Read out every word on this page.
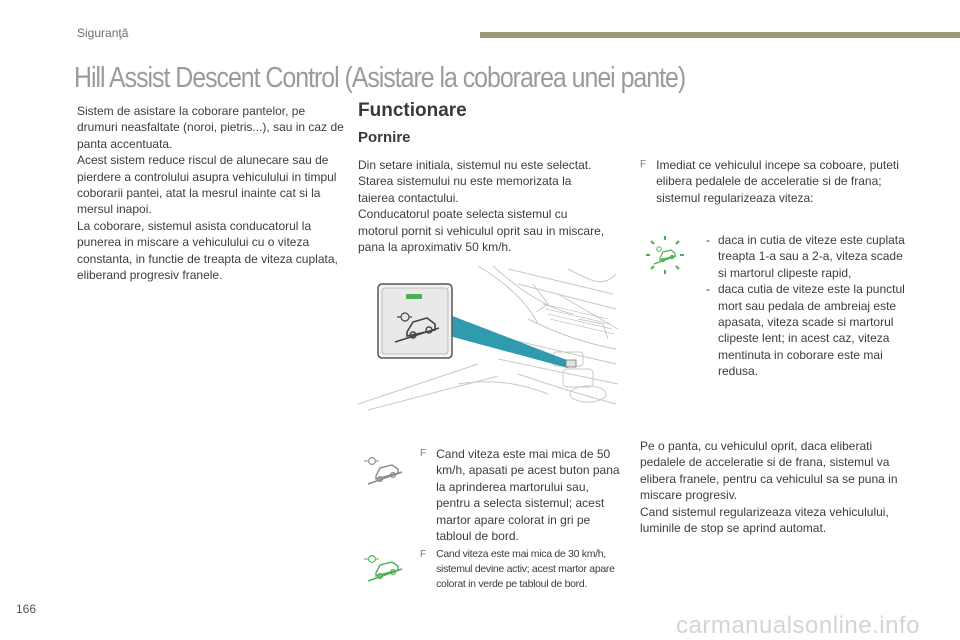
Siguranţă
Hill Assist Descent Control (Asistare la coborarea unei pante)

Sistem de asistare la coborare pantelor, pe drumuri neasfaltate (noroi, pietris...), sau in caz de panta accentuata.
Acest sistem reduce riscul de alunecare sau de pierdere a controlului asupra vehiculului in timpul coborarii pantei, atat la mesrul inainte cat si la mersul inapoi.
La coborare, sistemul asista conducatorul la punerea in miscare a vehiculului cu o viteza constanta, in functie de treapta de viteza cuplata, eliberand progresiv franele.

Functionare
Pornire

Din setare initiala, sistemul nu este selectat.
Starea sistemului nu este memorizata la taierea contactului.
Conducatorul poate selecta sistemul cu motorul pornit si vehiculul oprit sau in miscare, pana la aproximativ 50 km/h.

F Imediat ce vehiculul incepe sa coboare, puteti elibera pedalele de acceleratie si de frana; sistemul regularizeaza viteza:

- daca in cutia de viteze este cuplata treapta 1-a sau a 2-a, viteza scade si martorul clipeste rapid,

- daca cutia de viteze este la punctul mort sau pedala de ambreiaj este apasata, viteza scade si martorul clipeste lent; in acest caz, viteza mentinuta in coborare este mai redusa.

Pe o panta, cu vehiculul oprit, daca eliberati pedalele de acceleratie si de frana, sistemul va elibera franele, pentru ca vehiculul sa se puna in miscare progresiv.
Cand sistemul regularizeaza viteza vehiculului, luminile de stop se aprind automat.

F Cand viteza este mai mica de 50 km/h, apasati pe acest buton pana la aprinderea martorului sau, pentru a selecta sistemul; acest martor apare colorat in gri pe tabloul de bord.

F Cand viteza este mai mica de 30 km/h, sistemul devine activ; acest martor apare colorat in verde pe tabloul de bord.

166
carmanualsonline.info
